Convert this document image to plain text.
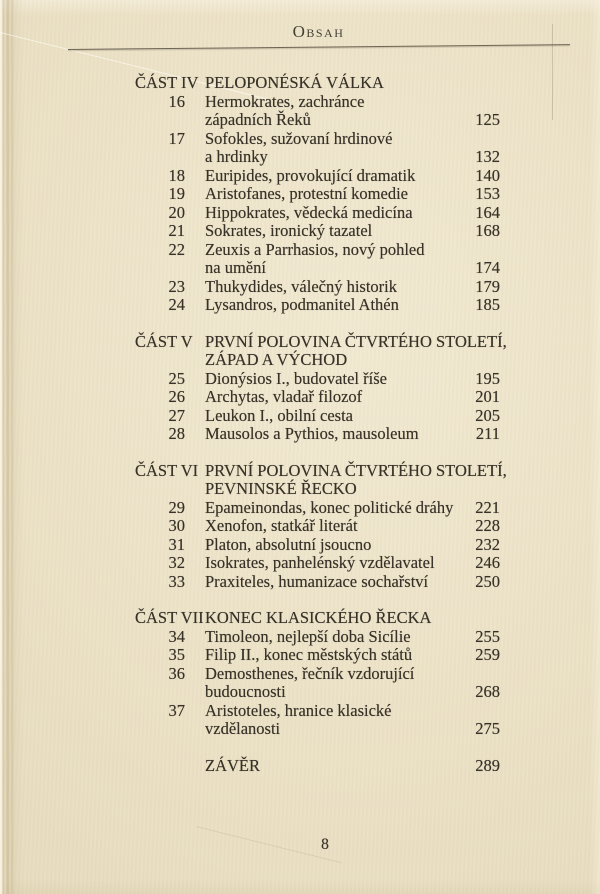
Obsah
ČÁST IV PELOPONÉSKÁ VÁLKA
16 Hermokrates, zachránce
západních Řeků	125
17 Sofokles, sužovaní hrdinové
a hrdinky	132
18 Euripides, provokující dramatik	140
19 Aristofanes, protestní komedie	153
20 Hippokrates, vědecká medicína	164
21 Sokrates, ironický tazatel	168
22 Zeuxis a Parrhasios, nový pohled
na umění	174
23 Thukydides, válečný historik	179
24 Lysandros, podmanitel Athén	185
ČÁST V PRVNÍ POLOVINA ČTVRTÉHO STOLETÍ,
ZÁPAD A VÝCHOD
25 Dionýsios I., budovatel říše	195
26 Archytas, vladař filozof	201
27 Leukon I., obilní cesta	205
28 Mausolos a Pythios, mausoleum	211
ČÁST VI PRVNÍ POLOVINA ČTVRTÉHO STOLETÍ,
PEVNINSKÉ ŘECKO
29 Epameinondas, konec politické dráhy	221
30 Xenofon, statkář literát	228
31 Platon, absolutní jsoucno	232
32 Isokrates, panhelénský vzdělavatel	246
33 Praxiteles, humanizace sochařství	250
ČÁST VII KONEC KLASICKÉHO ŘECKA
34 Timoleon, nejlepší doba Sicílie	255
35 Filip II., konec městských států	259
36 Demosthenes, řečník vzdorující
budoucnosti	268
37 Aristoteles, hranice klasické
vzdělanosti	275
ZÁVĚR	289
8
